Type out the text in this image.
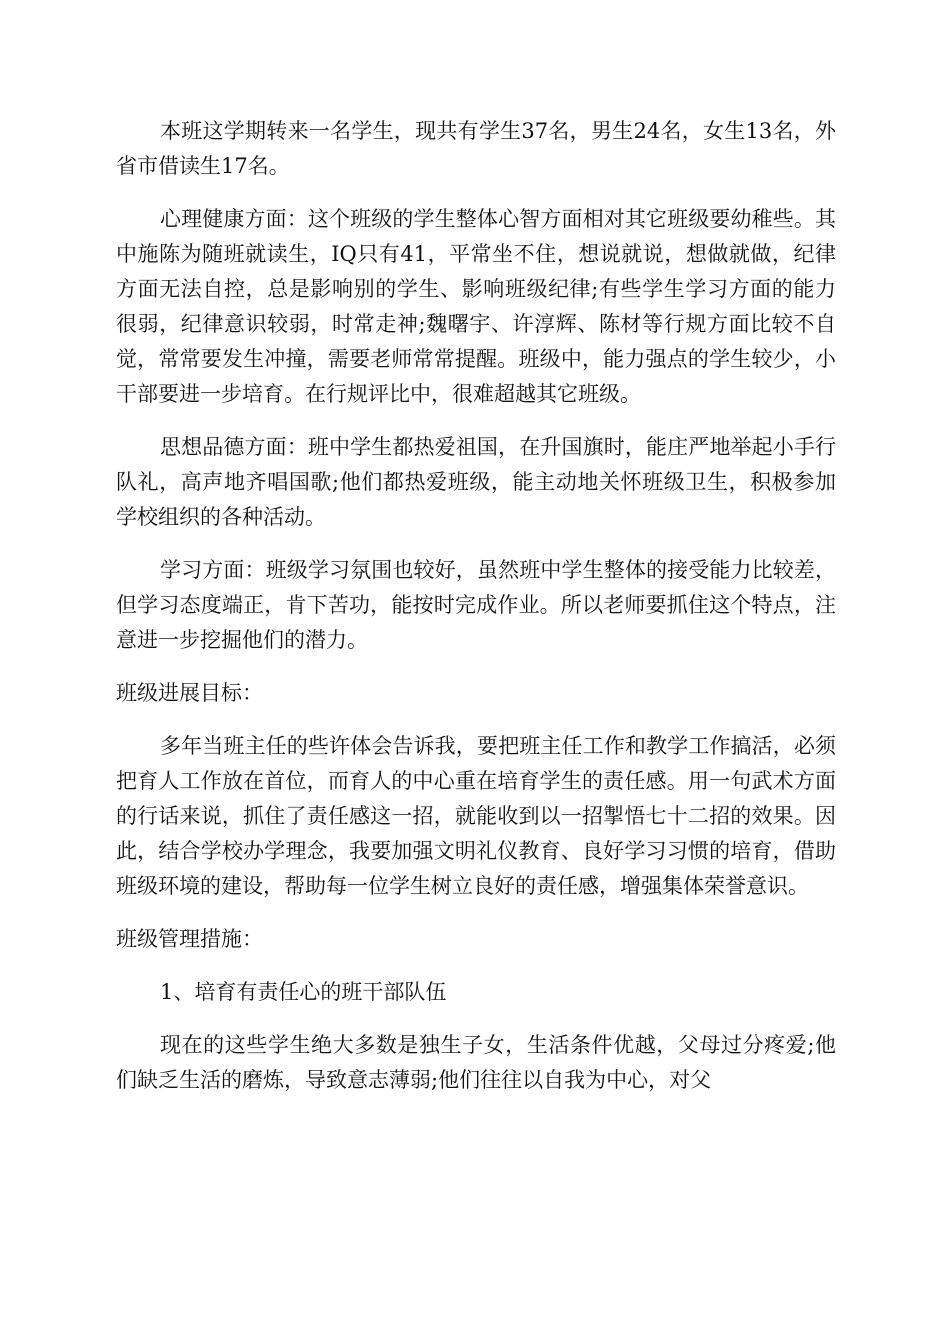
本班这学期转来一名学生，现共有学生37名，男生24名，女生13名，外省市借读生17名。

心理健康方面：这个班级的学生整体心智方面相对其它班级要幼稚些。其中施陈为随班就读生，IQ只有41，平常坐不住，想说就说，想做就做，纪律方面无法自控，总是影响别的学生、影响班级纪律;有些学生学习方面的能力很弱，纪律意识较弱，时常走神;魏曙宇、许淳辉、陈材等行规方面比较不自觉，常常要发生冲撞，需要老师常常提醒。班级中，能力强点的学生较少，小干部要进一步培育。在行规评比中，很难超越其它班级。

思想品德方面：班中学生都热爱祖国，在升国旗时，能庄严地举起小手行队礼，高声地齐唱国歌;他们都热爱班级，能主动地关怀班级卫生，积极参加学校组织的各种活动。

学习方面：班级学习氛围也较好，虽然班中学生整体的接受能力比较差，但学习态度端正，肯下苦功，能按时完成作业。所以老师要抓住这个特点，注意进一步挖掘他们的潜力。

班级进展目标：

多年当班主任的些许体会告诉我，要把班主任工作和教学工作搞活，必须把育人工作放在首位，而育人的中心重在培育学生的责任感。用一句武术方面的行话来说，抓住了责任感这一招，就能收到以一招掣悟七十二招的效果。因此，结合学校办学理念，我要加强文明礼仪教育、良好学习习惯的培育，借助班级环境的建设，帮助每一位学生树立良好的责任感，增强集体荣誉意识。

班级管理措施：

1、培育有责任心的班干部队伍

现在的这些学生绝大多数是独生子女，生活条件优越，父母过分疼爱;他们缺乏生活的磨炼，导致意志薄弱;他们往往以自我为中心，对父
